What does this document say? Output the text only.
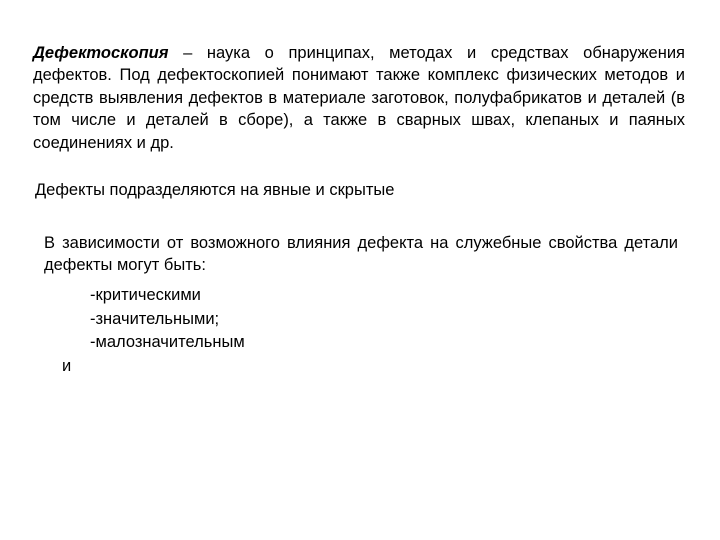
Дефектоскопия – наука о принципах, методах и средствах обнаружения дефектов. Под дефектоскопией понимают также комплекс физических методов и средств выявления дефектов в материале заготовок, полуфабрикатов и деталей (в том числе и деталей в сборе), а также в сварных швах, клепаных и паяных соединениях и др.
Дефекты подразделяются на явные и скрытые
В зависимости от возможного влияния дефекта на служебные свойства детали дефекты могут быть:
-критическими
-значительными;
-малозначительными
